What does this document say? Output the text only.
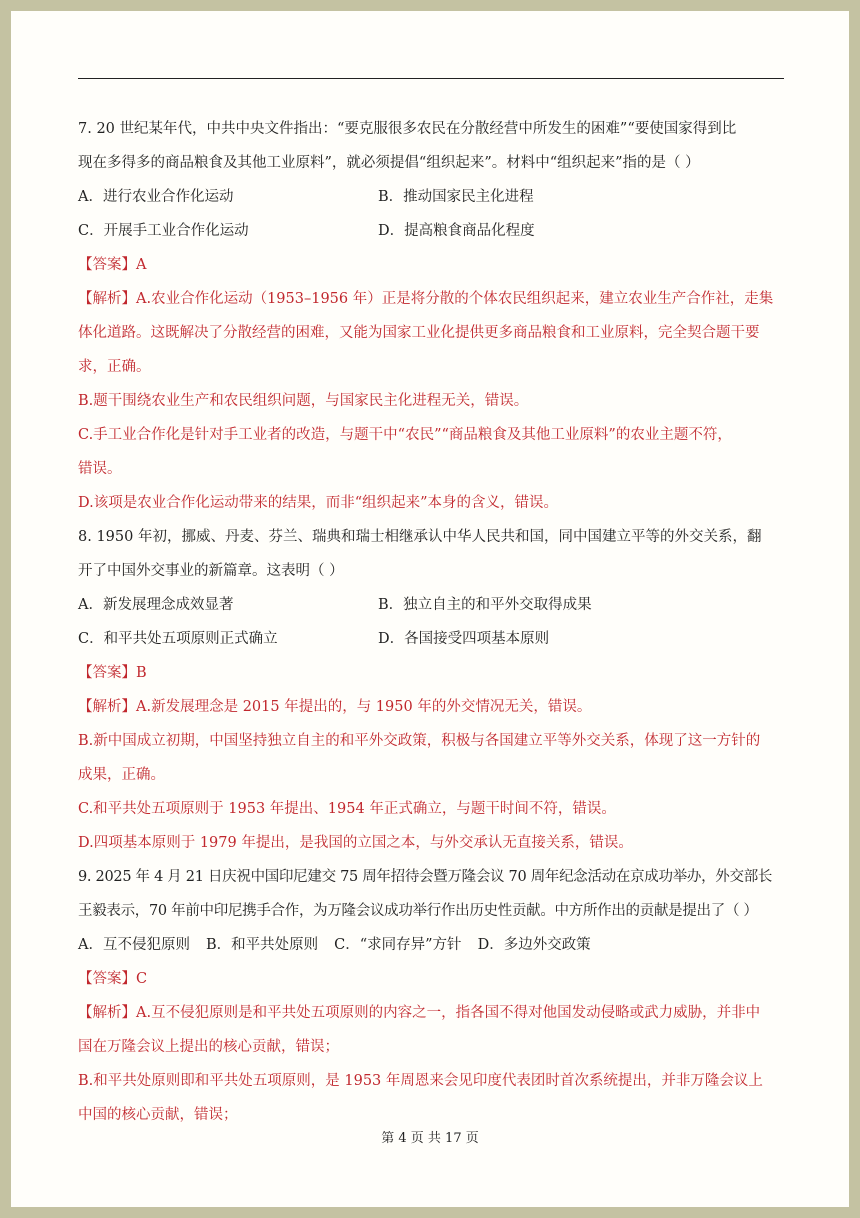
7. 20 世纪某年代，中共中央文件指出：“要克服很多农民在分散经营中所发生的困难”“要使国家得到比

现在多得多的商品粮食及其他工业原料”，就必须提倡“组织起来”。材料中“组织起来”指的是（ ）

A．进行农业合作化运动	B．推动国家民主化进程
C．开展手工业合作化运动	D．提高粮食商品化程度

【答案】A

【解析】A.农业合作化运动（1953–1956 年）正是将分散的个体农民组织起来，建立农业生产合作社，走集

体化道路。这既解决了分散经营的困难，又能为国家工业化提供更多商品粮食和工业原料，完全契合题干要

求，正确。

B.题干围绕农业生产和农民组织问题，与国家民主化进程无关，错误。

C.手工业合作化是针对手工业者的改造，与题干中“农民”“商品粮食及其他工业原料”的农业主题不符，

错误。

D.该项是农业合作化运动带来的结果，而非“组织起来”本身的含义，错误。

8. 1950 年初，挪威、丹麦、芬兰、瑞典和瑞士相继承认中华人民共和国，同中国建立平等的外交关系，翻

开了中国外交事业的新篇章。这表明（ ）

A．新发展理念成效显著	B．独立自主的和平外交取得成果
C．和平共处五项原则正式确立	D．各国接受四项基本原则

【答案】B

【解析】A.新发展理念是 2015 年提出的，与 1950 年的外交情况无关，错误。

B.新中国成立初期，中国坚持独立自主的和平外交政策，积极与各国建立平等外交关系，体现了这一方针的

成果，正确。

C.和平共处五项原则于 1953 年提出、1954 年正式确立，与题干时间不符，错误。

D.四项基本原则于 1979 年提出，是我国的立国之本，与外交承认无直接关系，错误。

9. 2025 年 4 月 21 日庆祝中国印尼建交 75 周年招待会暨万隆会议 70 周年纪念活动在京成功举办，外交部长

王毅表示，70 年前中印尼携手合作，为万隆会议成功举行作出历史性贡献。中方所作出的贡献是提出了（ ）

A．互不侵犯原则 B．和平共处原则 C．“求同存异”方针 D．多边外交政策

【答案】C

【解析】A.互不侵犯原则是和平共处五项原则的内容之一，指各国不得对他国发动侵略或武力威胁，并非中

国在万隆会议上提出的核心贡献，错误；

B.和平共处原则即和平共处五项原则，是 1953 年周恩来会见印度代表团时首次系统提出，并非万隆会议上

中国的核心贡献，错误；

第 4 页 共 17 页
